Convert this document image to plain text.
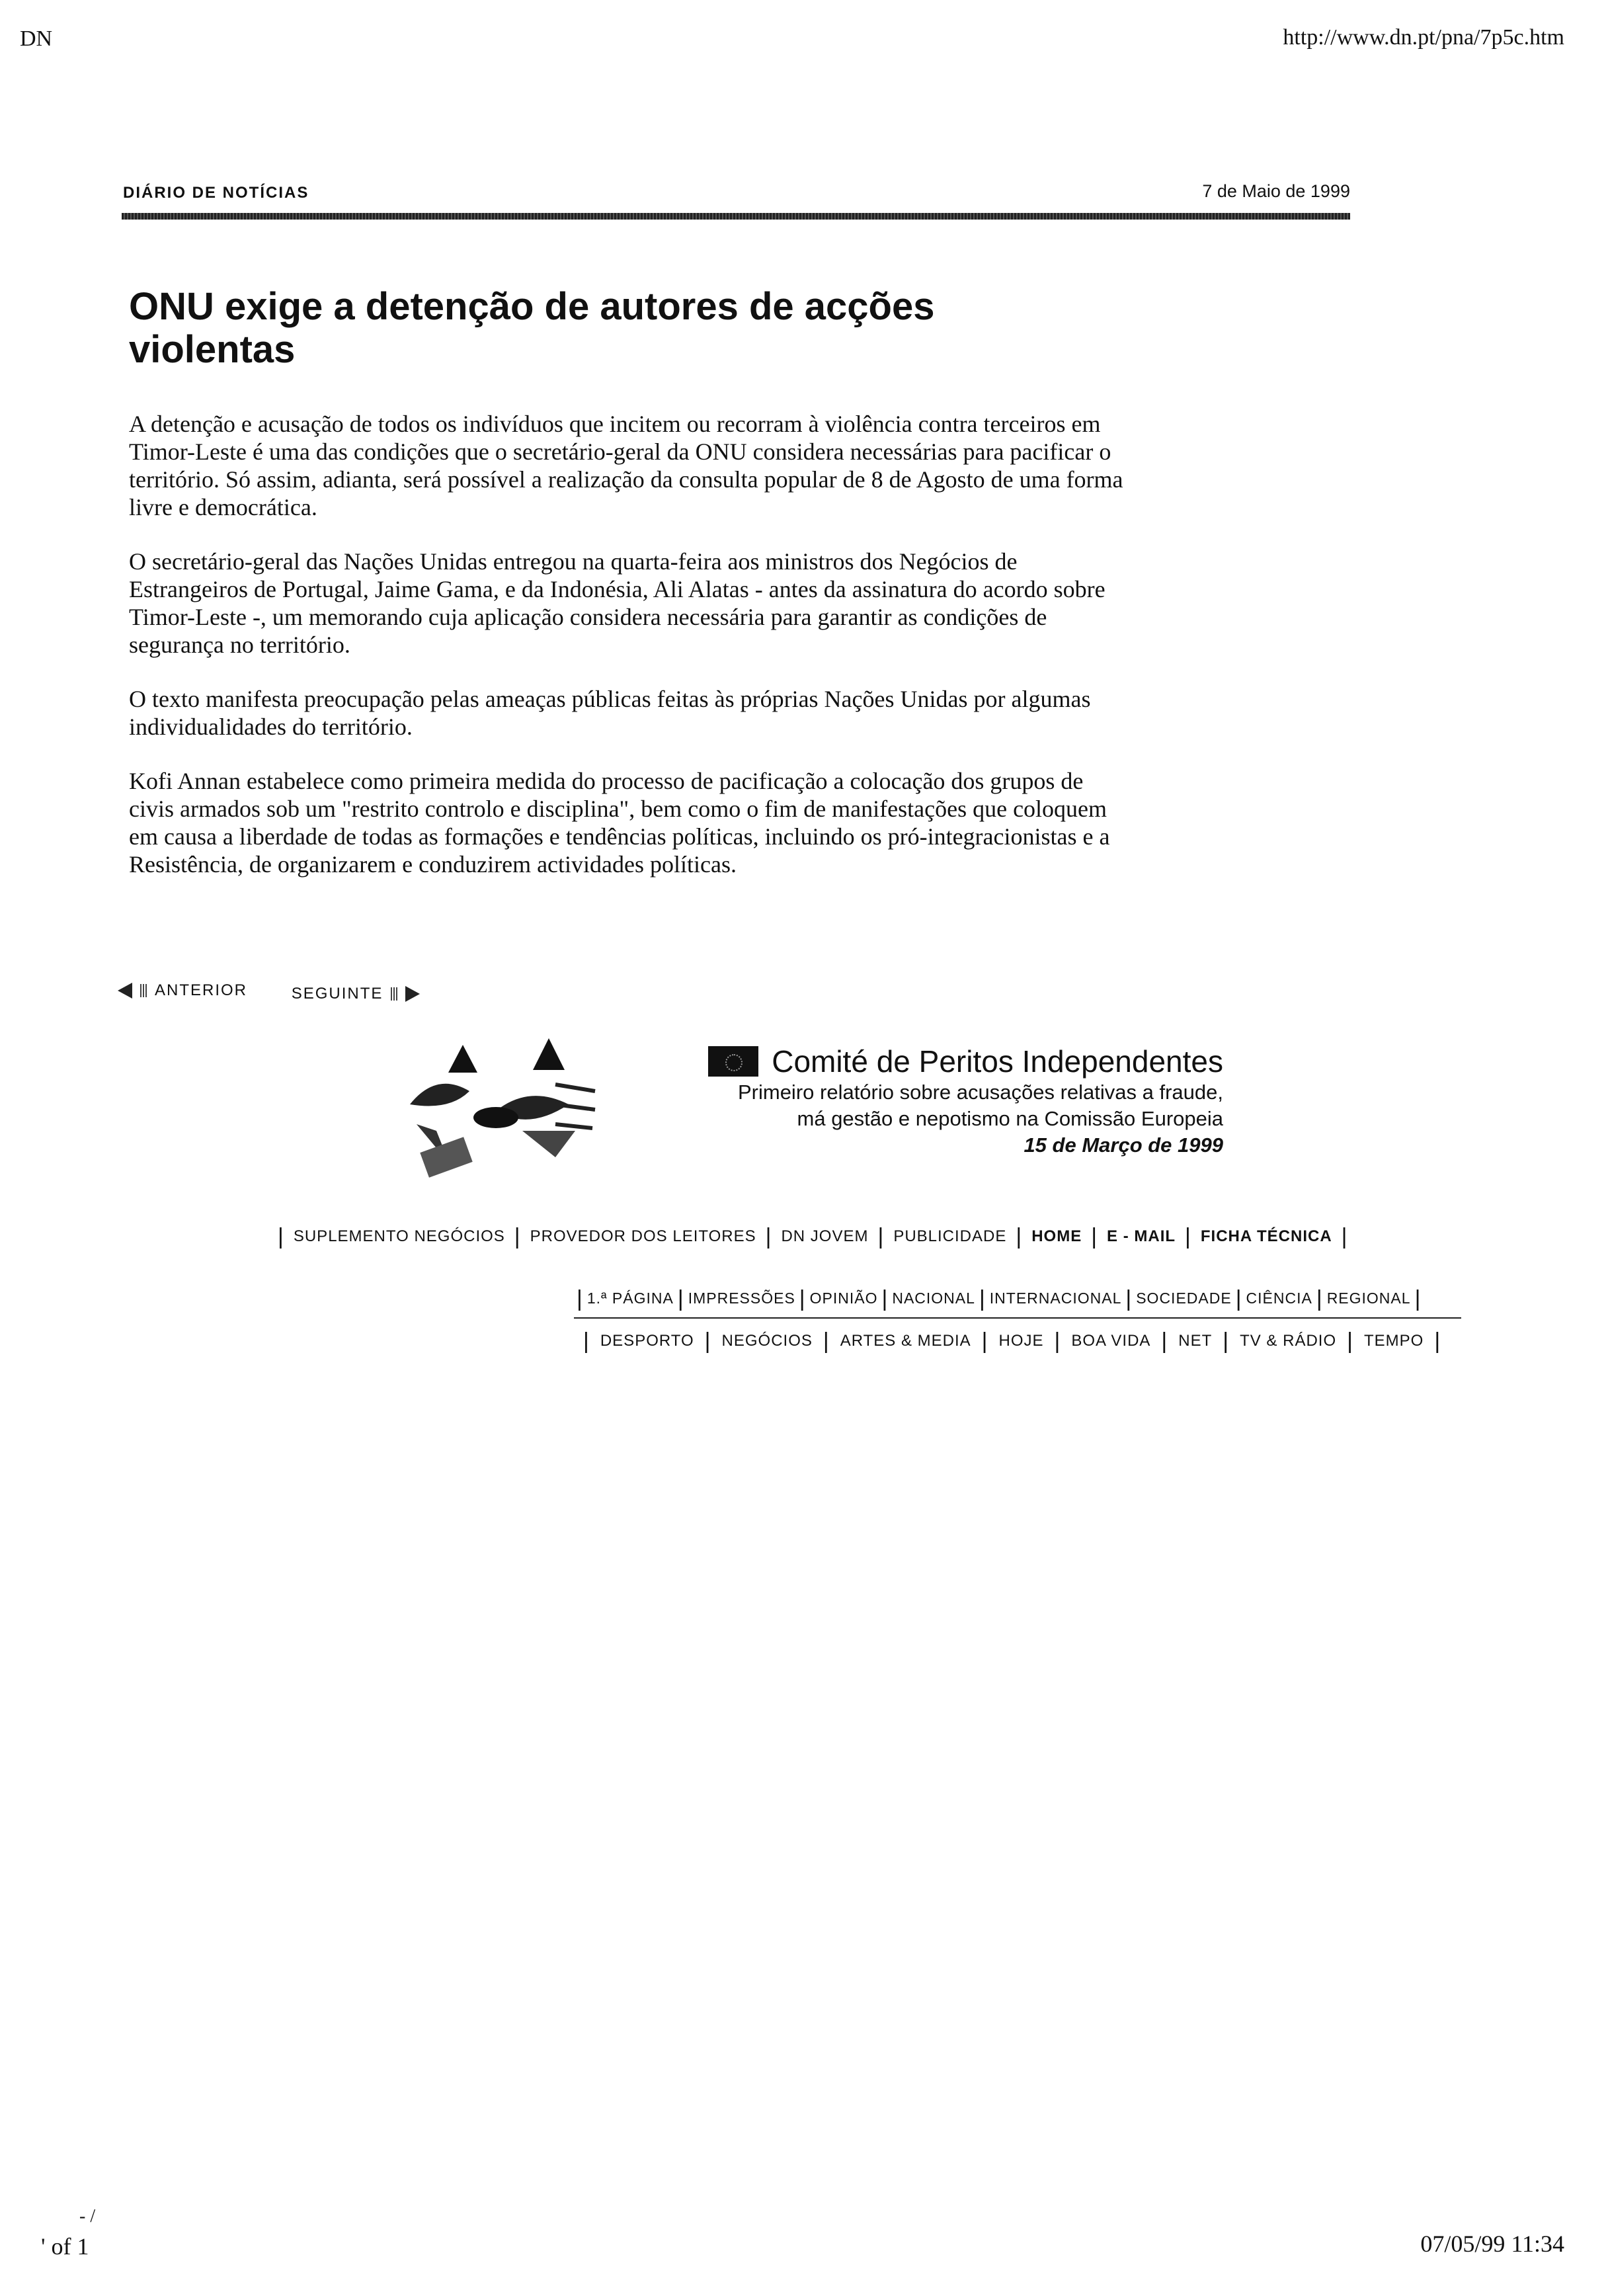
DN	http://www.dn.pt/pna/7p5c.htm
DIÁRIO DE NOTÍCIAS	7 de Maio de 1999
ONU exige a detenção de autores de acções violentas

A detenção e acusação de todos os indivíduos que incitem ou recorram à violência contra terceiros em Timor-Leste é uma das condições que o secretário-geral da ONU considera necessárias para pacificar o território. Só assim, adianta, será possível a realização da consulta popular de 8 de Agosto de uma forma livre e democrática.

O secretário-geral das Nações Unidas entregou na quarta-feira aos ministros dos Negócios de Estrangeiros de Portugal, Jaime Gama, e da Indonésia, Ali Alatas - antes da assinatura do acordo sobre Timor-Leste -, um memorando cuja aplicação considera necessária para garantir as condições de segurança no território.

O texto manifesta preocupação pelas ameaças públicas feitas às próprias Nações Unidas por algumas individualidades do território.

Kofi Annan estabelece como primeira medida do processo de pacificação a colocação dos grupos de civis armados sob um "restrito controlo e disciplina", bem como o fim de manifestações que coloquem em causa a liberdade de todas as formações e tendências políticas, incluindo os pró-integracionistas e a Resistência, de organizarem e conduzirem actividades políticas.

ANTERIOR
	SEGUINTE
Comité de Peritos Independentes
Primeiro relatório sobre acusações relativas a fraude,
má gestão e nepotismo na Comissão Europeia
15 de Março de 1999
| SUPLEMENTO NEGÓCIOS | PROVEDOR DOS LEITORES | DN JOVEM | PUBLICIDADE | HOME | E - MAIL | FICHA TÉCNICA |
| 1.ª PÁGINA | IMPRESSÕES | OPINIÃO | NACIONAL | INTERNACIONAL | SOCIEDADE | CIÊNCIA | REGIONAL |
| DESPORTO | NEGÓCIOS | ARTES & MEDIA | HOJE | BOA VIDA | NET | TV & RÁDIO | TEMPO |
- /
' of 1	07/05/99 11:34
